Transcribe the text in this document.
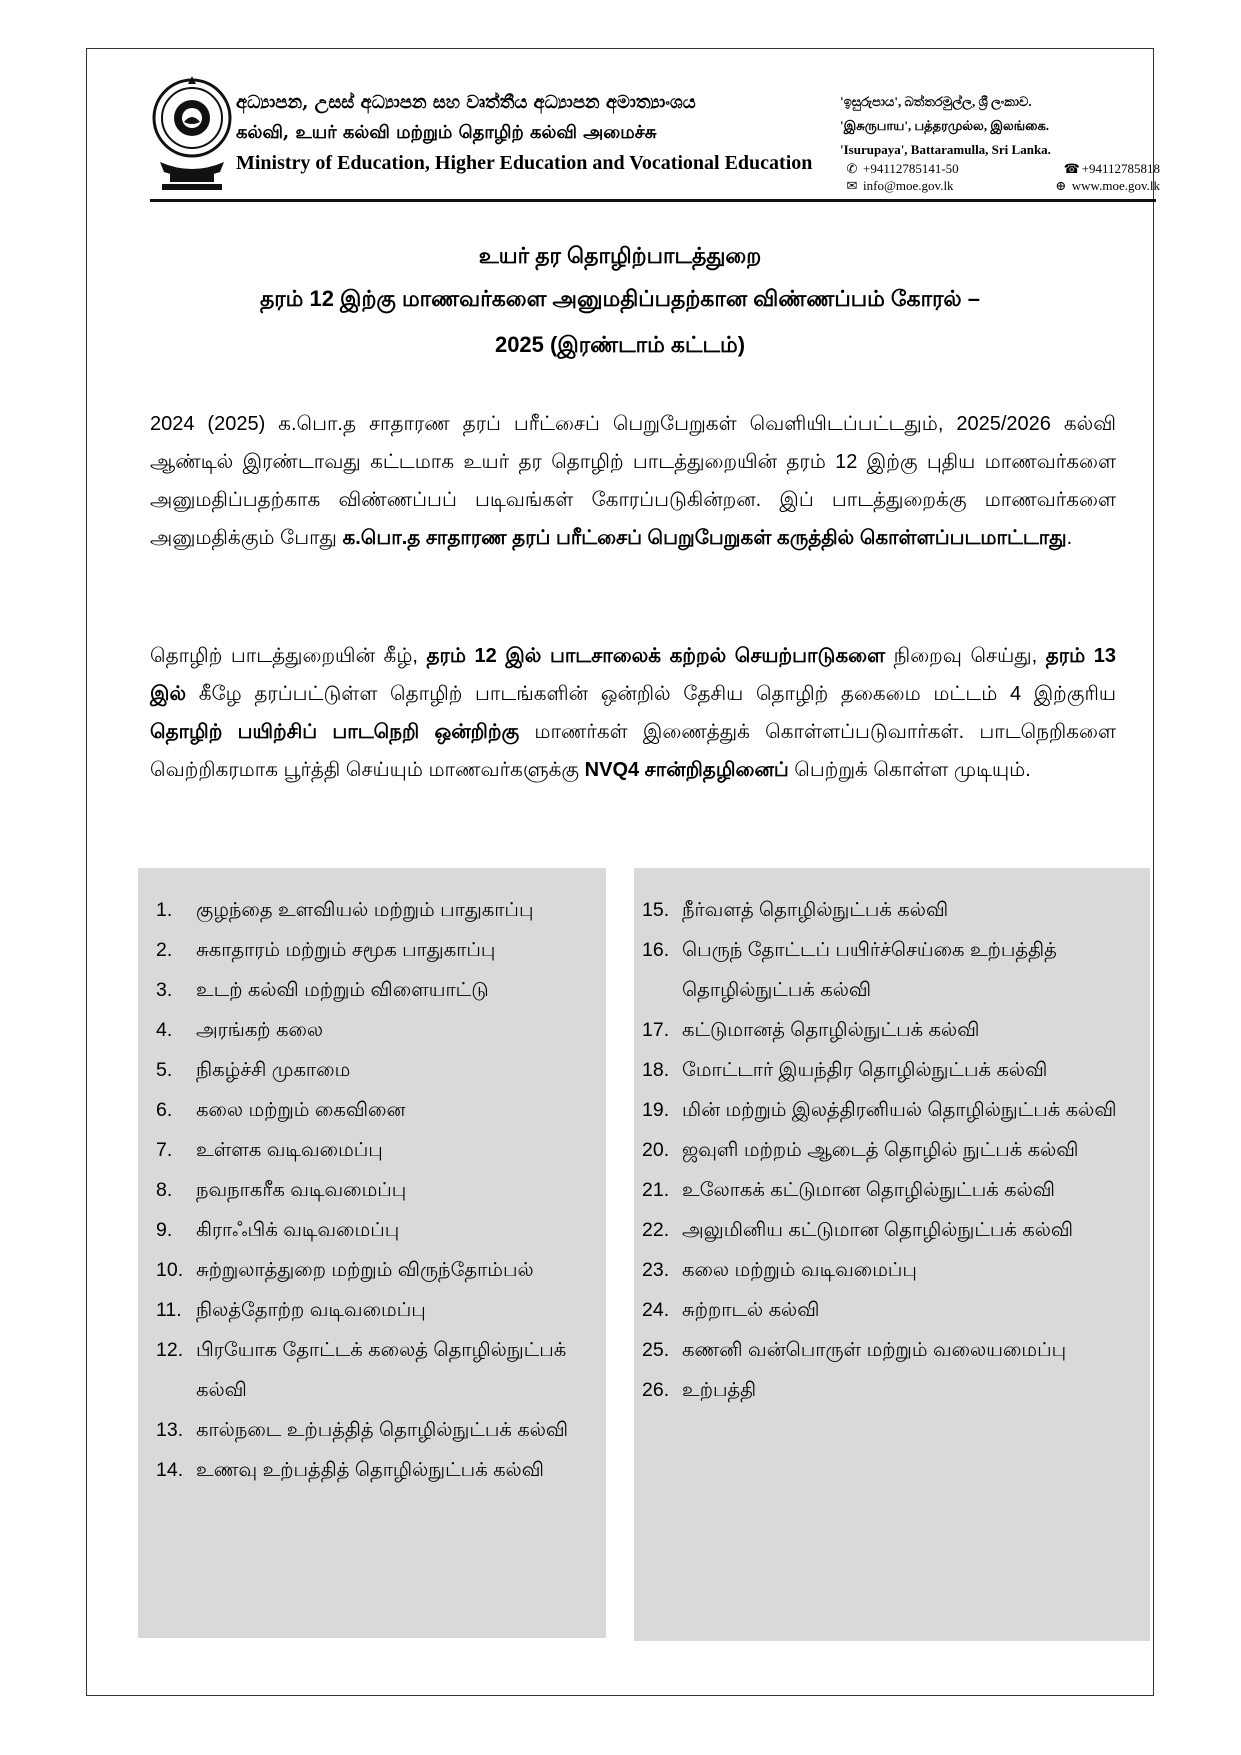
අධ්‍යාපන, උසස් අධ්‍යාපන සහ වෘත්තීය අධ්‍යාපන අමාත්‍යාංශය
கல்வி, உயர் கல்வி மற்றும் தொழிற் கல்வி அமைச்சு
Ministry of Education, Higher Education and Vocational Education
'ඉසුරුපාය', බත්තරමුල්ල, ශ්‍රී ලංකාව.
'இசுருபாய', பத்தரமுல்ல, இலங்கை.
'Isurupaya', Battaramulla, Sri Lanka.
✆ +94112785141-50	☎ +94112785818
✉ info@moe.gov.lk	⊕ www.moe.gov.lk
உயர் தர தொழிற்பாடத்துறை
தரம் 12 இற்கு மாணவர்களை அனுமதிப்பதற்கான விண்ணப்பம் கோரல் –
2025 (இரண்டாம் கட்டம்)
2024 (2025) க.பொ.த சாதாரண தரப் பரீட்சைப் பெறுபேறுகள் வெளியிடப்பட்டதும், 2025/2026 கல்வி ஆண்டில் இரண்டாவது கட்டமாக உயர் தர தொழிற் பாடத்துறையின் தரம் 12 இற்கு புதிய மாணவர்களை அனுமதிப்பதற்காக விண்ணப்பப் படிவங்கள் கோரப்படுகின்றன. இப் பாடத்துறைக்கு மாணவர்களை அனுமதிக்கும் போது க.பொ.த சாதாரண தரப் பரீட்சைப் பெறுபேறுகள் கருத்தில் கொள்ளப்படமாட்டாது.
தொழிற் பாடத்துறையின் கீழ், தரம் 12 இல் பாடசாலைக் கற்றல் செயற்பாடுகளை நிறைவு செய்து, தரம் 13 இல் கீழே தரப்பட்டுள்ள தொழிற் பாடங்களின் ஒன்றில் தேசிய தொழிற் தகைமை மட்டம் 4 இற்குரிய தொழிற் பயிற்சிப் பாடநெறி ஒன்றிற்கு மாணர்கள் இணைத்துக் கொள்ளப்படுவார்கள். பாடநெறிகளை வெற்றிகரமாக பூர்த்தி செய்யும் மாணவர்களுக்கு NVQ4 சான்றிதழினைப் பெற்றுக் கொள்ள முடியும்.
1.	குழந்தை உளவியல் மற்றும் பாதுகாப்பு
2.	சுகாதாரம் மற்றும் சமூக பாதுகாப்பு
3.	உடற் கல்வி மற்றும் விளையாட்டு
4.	அரங்கற் கலை
5.	நிகழ்ச்சி முகாமை
6.	கலை மற்றும் கைவினை
7.	உள்ளக வடிவமைப்பு
8.	நவநாகரீக வடிவமைப்பு
9.	கிராஃபிக் வடிவமைப்பு
10. சுற்றுலாத்துறை மற்றும் விருந்தோம்பல்
11. நிலத்தோற்ற வடிவமைப்பு
12. பிரயோக தோட்டக் கலைத் தொழில்நுட்பக் கல்வி
13. கால்நடை உற்பத்தித் தொழில்நுட்பக் கல்வி
14. உணவு உற்பத்தித் தொழில்நுட்பக் கல்வி
15. நீர்வளத் தொழில்நுட்பக் கல்வி
16. பெருந் தோட்டப் பயிர்ச்செய்கை உற்பத்தித் தொழில்நுட்பக் கல்வி
17. கட்டுமானத் தொழில்நுட்பக் கல்வி
18. மோட்டார் இயந்திர தொழில்நுட்பக் கல்வி
19. மின் மற்றும் இலத்திரனியல் தொழில்நுட்பக் கல்வி
20. ஜவுளி மற்றம் ஆடைத் தொழில் நுட்பக் கல்வி
21. உலோகக் கட்டுமான தொழில்நுட்பக் கல்வி
22. அலுமினிய கட்டுமான தொழில்நுட்பக் கல்வி
23. கலை மற்றும் வடிவமைப்பு
24. சுற்றாடல் கல்வி
25. கணனி வன்பொருள் மற்றும் வலையமைப்பு
26. உற்பத்தி
